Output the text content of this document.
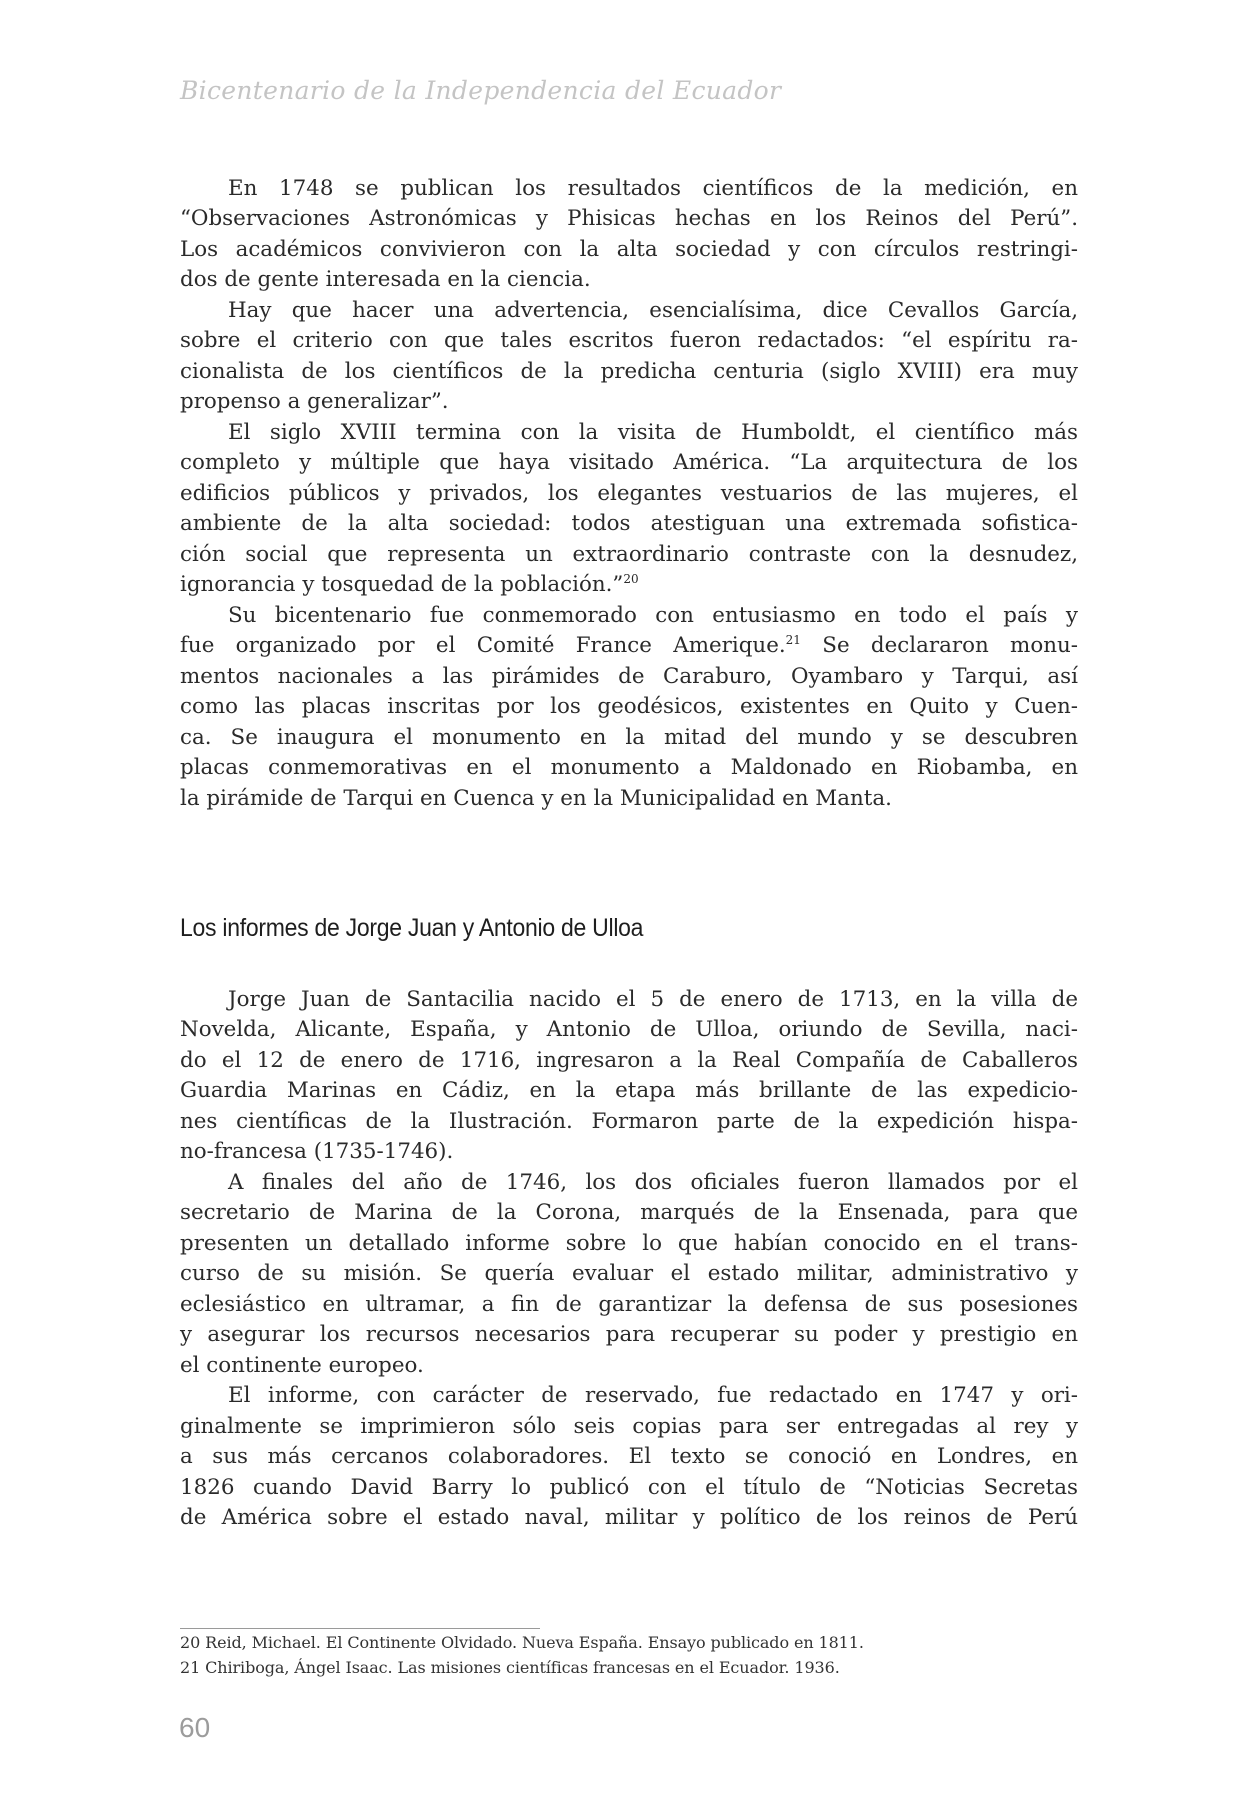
Bicentenario de la Independencia del Ecuador
En 1748 se publican los resultados científicos de la medición, en
“Observaciones Astronómicas y Phisicas hechas en los Reinos del Perú”.
Los académicos convivieron con la alta sociedad y con círculos restringi-
dos de gente interesada en la ciencia.
Hay que hacer una advertencia, esencialísima, dice Cevallos García,
sobre el criterio con que tales escritos fueron redactados: “el espíritu ra-
cionalista de los científicos de la predicha centuria (siglo XVIII) era muy
propenso a generalizar”.
El siglo XVIII termina con la visita de Humboldt, el científico más
completo y múltiple que haya visitado América. “La arquitectura de los
edificios públicos y privados, los elegantes vestuarios de las mujeres, el
ambiente de la alta sociedad: todos atestiguan una extremada sofistica-
ción social que representa un extraordinario contraste con la desnudez,
ignorancia y tosquedad de la población.”$^{20}$
Su bicentenario fue conmemorado con entusiasmo en todo el país y
fue organizado por el Comité France Amerique.$^{21}$ Se declararon monu-
mentos nacionales a las pirámides de Caraburo, Oyambaro y Tarqui, así
como las placas inscritas por los geodésicos, existentes en Quito y Cuen-
ca. Se inaugura el monumento en la mitad del mundo y se descubren
placas conmemorativas en el monumento a Maldonado en Riobamba, en
la pirámide de Tarqui en Cuenca y en la Municipalidad en Manta.
Los informes de Jorge Juan y Antonio de Ulloa
Jorge Juan de Santacilia nacido el 5 de enero de 1713, en la villa de
Novelda, Alicante, España, y Antonio de Ulloa, oriundo de Sevilla, naci-
do el 12 de enero de 1716, ingresaron a la Real Compañía de Caballeros
Guardia Marinas en Cádiz, en la etapa más brillante de las expedicio-
nes científicas de la Ilustración. Formaron parte de la expedición hispa-
no-francesa (1735-1746).
A finales del año de 1746, los dos oficiales fueron llamados por el
secretario de Marina de la Corona, marqués de la Ensenada, para que
presenten un detallado informe sobre lo que habían conocido en el trans-
curso de su misión. Se quería evaluar el estado militar, administrativo y
eclesiástico en ultramar, a fin de garantizar la defensa de sus posesiones
y asegurar los recursos necesarios para recuperar su poder y prestigio en
el continente europeo.
El informe, con carácter de reservado, fue redactado en 1747 y ori-
ginalmente se imprimieron sólo seis copias para ser entregadas al rey y
a sus más cercanos colaboradores. El texto se conoció en Londres, en
1826 cuando David Barry lo publicó con el título de “Noticias Secretas
de América sobre el estado naval, militar y político de los reinos de Perú
20 Reid, Michael. El Continente Olvidado. Nueva España. Ensayo publicado en 1811.
21 Chiriboga, Ángel Isaac. Las misiones científicas francesas en el Ecuador. 1936.
60
